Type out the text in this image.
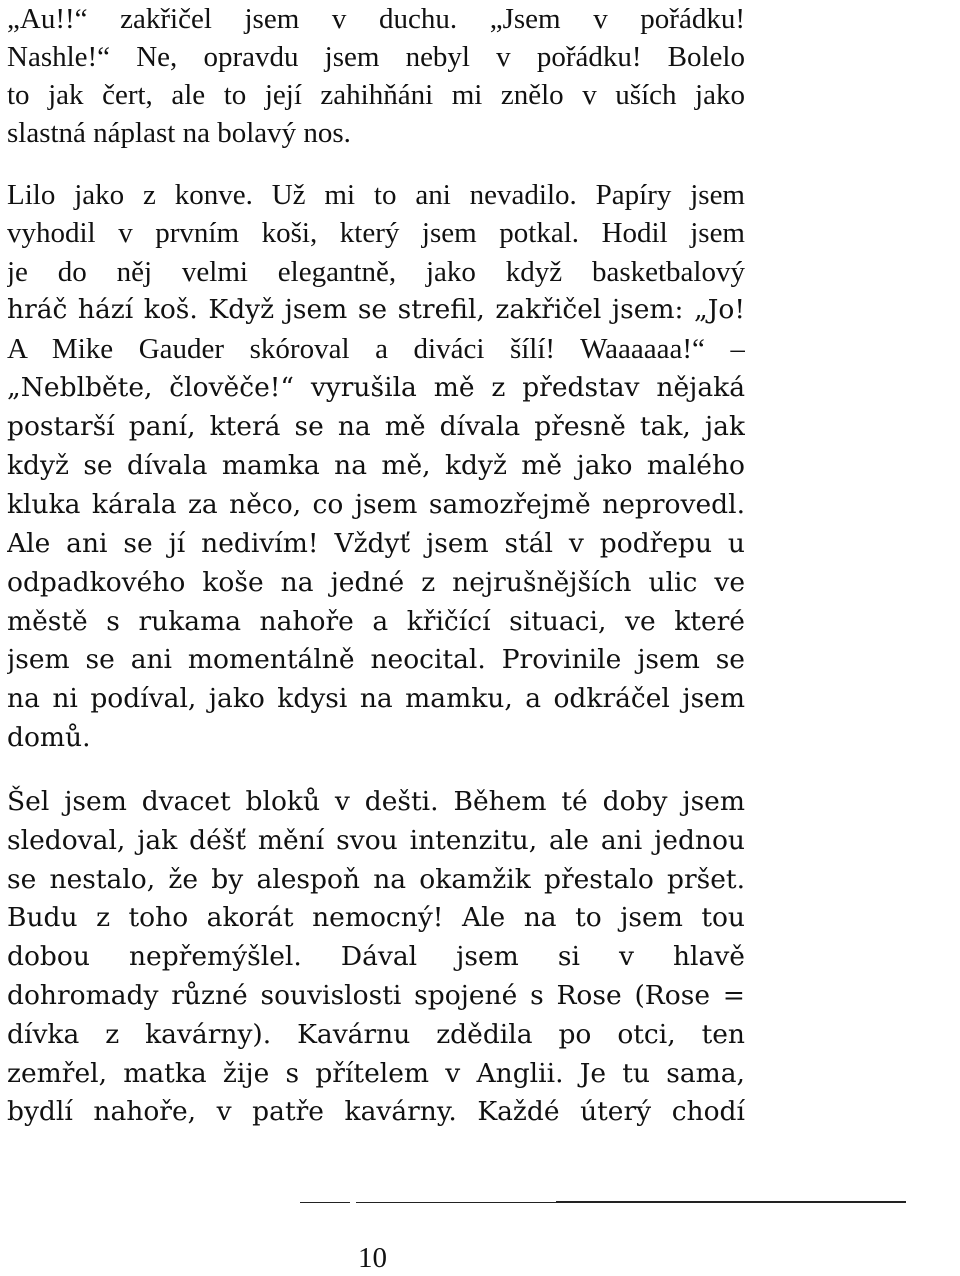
„Au!!“ zakřičel jsem v duchu. „Jsem v pořádku!
Nashle!“ Ne, opravdu jsem nebyl v pořádku! Bolelo
to jak čert, ale to její zahihňáni mi znělo v uších jako
slastná náplast na bolavý nos.
Lilo jako z konve. Už mi to ani nevadilo. Papíry jsem
vyhodil v prvním koši, který jsem potkal. Hodil jsem
je do něj velmi elegantně, jako když basketbalový
hráč hází koš. Když jsem se strefil, zakřičel jsem: „Jo!
A Mike Gauder skóroval a diváci šílí! Waaaaaa!“ –
„Neblběte, člověče!“ vyrušila mě z představ nějaká
postarší paní, která se na mě dívala přesně tak, jak
když se dívala mamka na mě, když mě jako malého
kluka kárala za něco, co jsem samozřejmě neprovedl.
Ale ani se jí nedivím! Vždyť jsem stál v podřepu u
odpadkového koše na jedné z nejrušnějších ulic ve
městě s rukama nahoře a křičící situaci, ve které
jsem se ani momentálně neocital. Provinile jsem se
na ni podíval, jako kdysi na mamku, a odkráčel jsem
domů.
Šel jsem dvacet bloků v dešti. Během té doby jsem
sledoval, jak déšť mění svou intenzitu, ale ani jednou
se nestalo, že by alespoň na okamžik přestalo pršet.
Budu z toho akorát nemocný! Ale na to jsem tou
dobou nepřemýšlel. Dával jsem si v hlavě
dohromady různé souvislosti spojené s Rose (Rose =
dívka z kavárny). Kavárnu zdědila po otci, ten
zemřel, matka žije s přítelem v Anglii. Je tu sama,
bydlí nahoře, v patře kavárny. Každé úterý chodí
10
